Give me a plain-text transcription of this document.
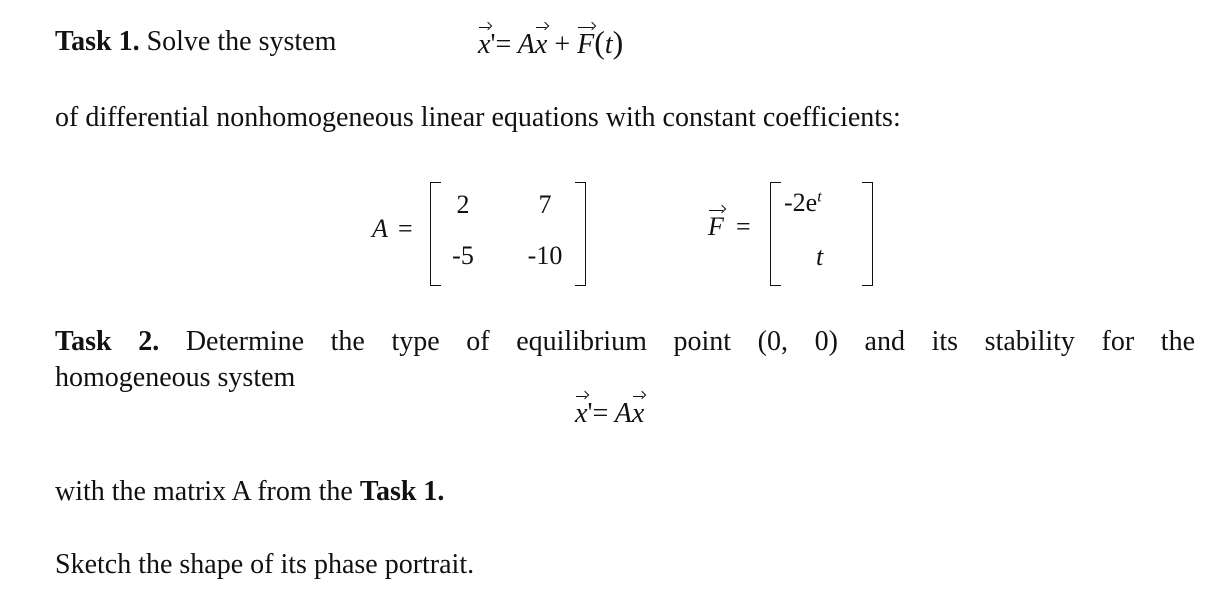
Task 1. Solve the system	x'= Ax + F(t)
of differential nonhomogeneous linear equations with constant coefficients:
A =
2	7
-5	-10
F =
$-2e^t$
t
Task 2. Determine the type of equilibrium point (0, 0) and its stability for the
homogeneous system
x'= Ax
with the matrix A from the Task 1.
Sketch the shape of its phase portrait.
